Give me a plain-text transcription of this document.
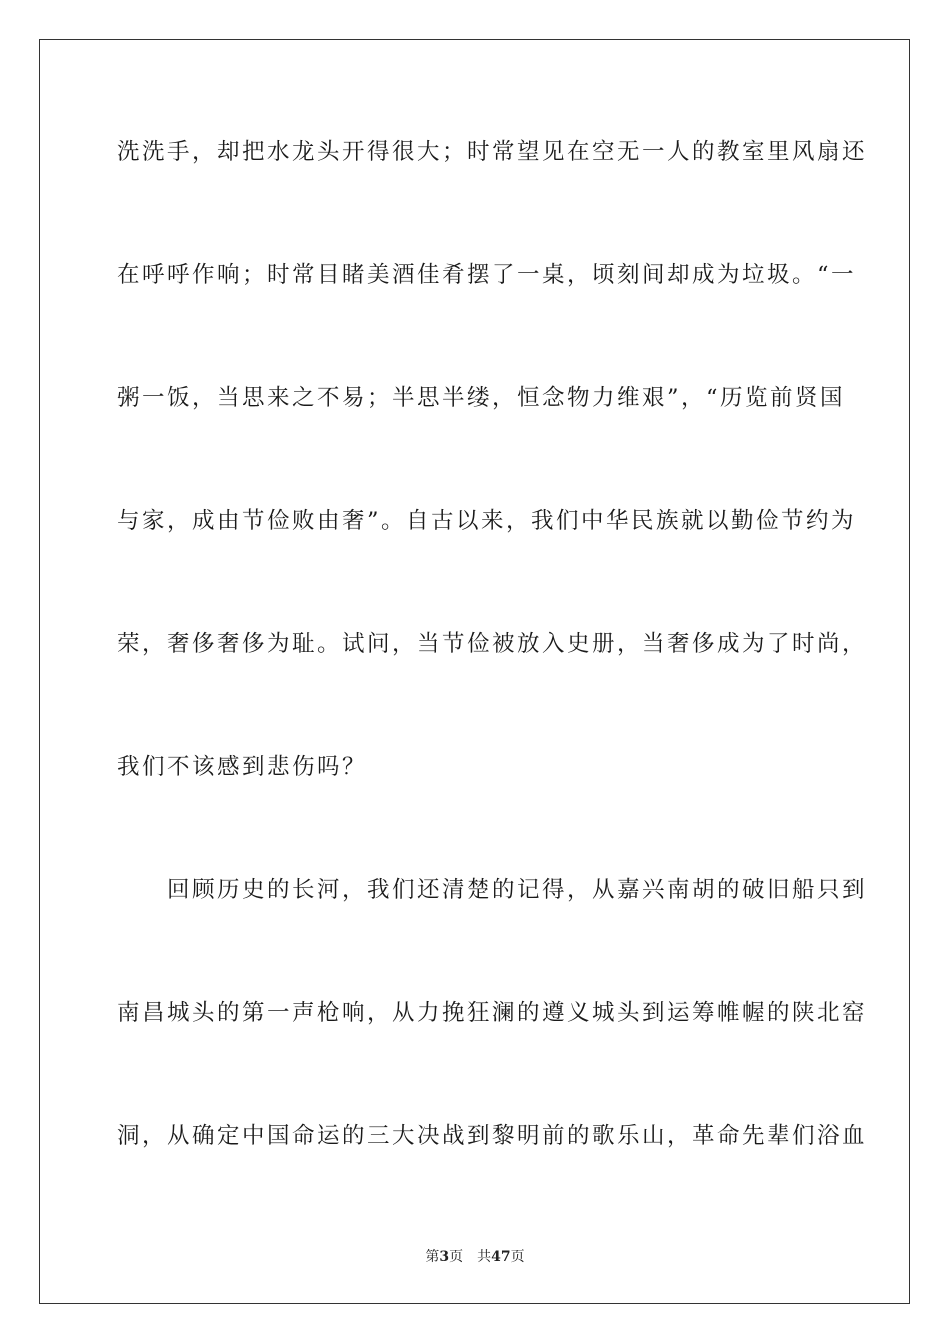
洗洗手，却把水龙头开得很大；时常望见在空无一人的教室里风扇还
在呼呼作响；时常目睹美酒佳肴摆了一桌，顷刻间却成为垃圾。“一
粥一饭，当思来之不易；半思半缕，恒念物力维艰”，“历览前贤国
与家，成由节俭败由奢”。自古以来，我们中华民族就以勤俭节约为
荣，奢侈奢侈为耻。试问，当节俭被放入史册，当奢侈成为了时尚，
我们不该感到悲伤吗？
回顾历史的长河，我们还清楚的记得，从嘉兴南胡的破旧船只到
南昌城头的第一声枪响，从力挽狂澜的遵义城头到运筹帷幄的陕北窑
洞，从确定中国命运的三大决战到黎明前的歌乐山，革命先辈们浴血
第3页 共47页
